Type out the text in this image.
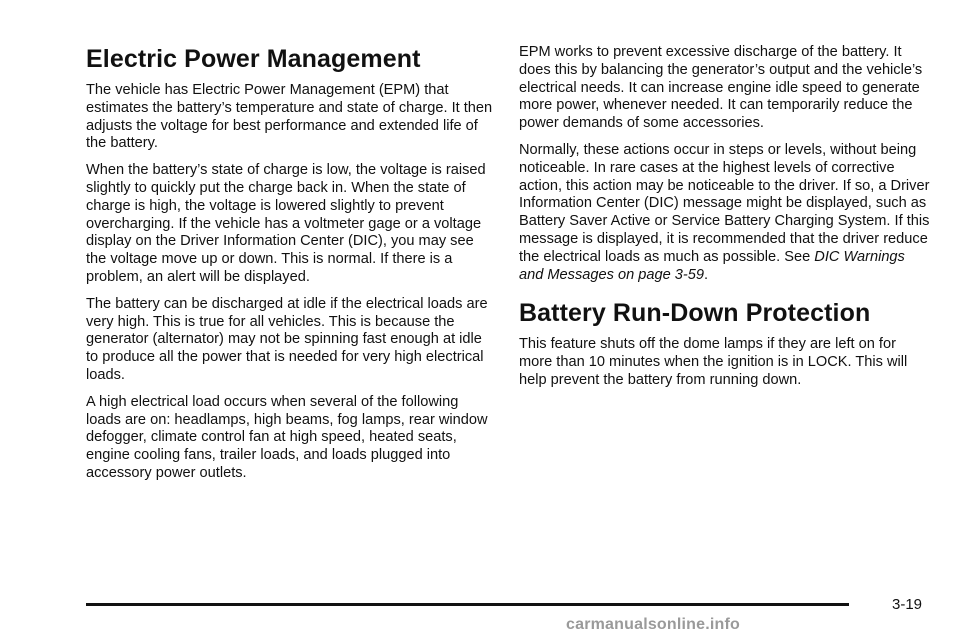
Electric Power Management

The vehicle has Electric Power Management (EPM) that estimates the battery’s temperature and state of charge. It then adjusts the voltage for best performance and extended life of the battery.

When the battery’s state of charge is low, the voltage is raised slightly to quickly put the charge back in. When the state of charge is high, the voltage is lowered slightly to prevent overcharging. If the vehicle has a voltmeter gage or a voltage display on the Driver Information Center (DIC), you may see the voltage move up or down. This is normal. If there is a problem, an alert will be displayed.

The battery can be discharged at idle if the electrical loads are very high. This is true for all vehicles. This is because the generator (alternator) may not be spinning fast enough at idle to produce all the power that is needed for very high electrical loads.

A high electrical load occurs when several of the following loads are on: headlamps, high beams, fog lamps, rear window defogger, climate control fan at high speed, heated seats, engine cooling fans, trailer loads, and loads plugged into accessory power outlets.

EPM works to prevent excessive discharge of the battery. It does this by balancing the generator’s output and the vehicle’s electrical needs. It can increase engine idle speed to generate more power, whenever needed. It can temporarily reduce the power demands of some accessories.

Normally, these actions occur in steps or levels, without being noticeable. In rare cases at the highest levels of corrective action, this action may be noticeable to the driver. If so, a Driver Information Center (DIC) message might be displayed, such as Battery Saver Active or Service Battery Charging System. If this message is displayed, it is recommended that the driver reduce the electrical loads as much as possible. See DIC Warnings and Messages on page 3-59.

Battery Run-Down Protection

This feature shuts off the dome lamps if they are left on for more than 10 minutes when the ignition is in LOCK. This will help prevent the battery from running down.

3-19
carmanualsonline.info
